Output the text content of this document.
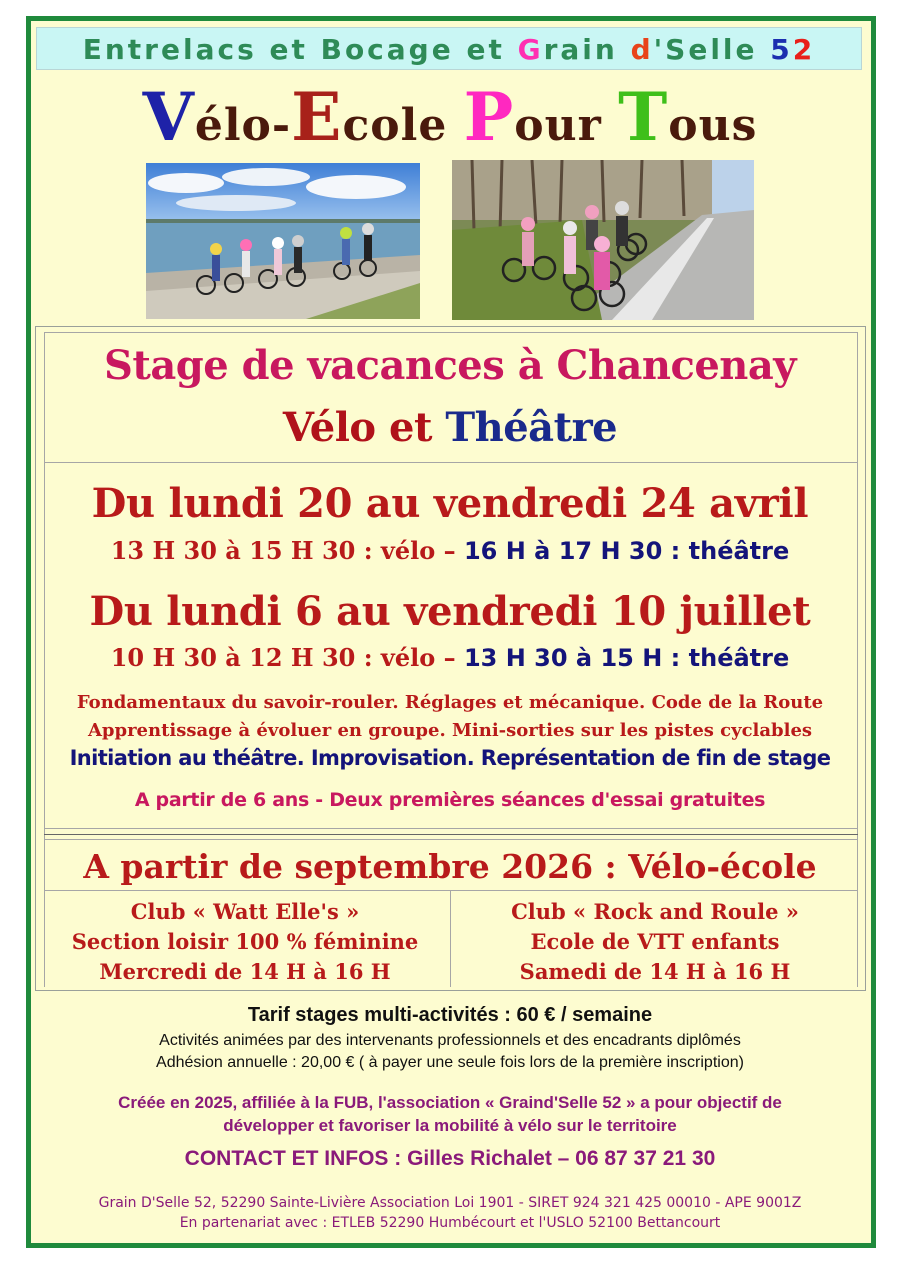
Entrelacs et Bocage et Grain d'Selle 52
Vélo-Ecole Pour Tous
Stage de vacances à Chancenay
Vélo et Théâtre
Du lundi 20 au vendredi 24 avril
13 H 30 à 15 H 30 : vélo – 16 H à 17 H 30 : théâtre
Du lundi 6 au vendredi 10 juillet
10 H 30 à 12 H 30 : vélo – 13 H 30 à 15 H : théâtre
Fondamentaux du savoir-rouler. Réglages et mécanique. Code de la Route
Apprentissage à évoluer en groupe. Mini-sorties sur les pistes cyclables
Initiation au théâtre. Improvisation. Représentation de fin de stage
A partir de 6 ans - Deux premières séances d'essai gratuites
A partir de septembre 2026 : Vélo-école
Club « Watt Elle's »
Section loisir 100 % féminine
Mercredi de 14 H à 16 H
Club « Rock and Roule »
Ecole de VTT enfants
Samedi de 14 H à 16 H
Tarif stages multi-activités : 60 € / semaine
Activités animées par des intervenants professionnels et des encadrants diplômés
Adhésion annuelle : 20,00 € ( à payer une seule fois lors de la première inscription)
Créée en 2025, affiliée à la FUB, l'association « Graind'Selle 52 » a pour objectif de
développer et favoriser la mobilité à vélo sur le territoire
CONTACT ET INFOS : Gilles Richalet – 06 87 37 21 30
Grain D'Selle 52, 52290 Sainte-Livière Association Loi 1901 - SIRET 924 321 425 00010 - APE 9001Z
En partenariat avec : ETLEB 52290 Humbécourt et l'USLO 52100 Bettancourt
